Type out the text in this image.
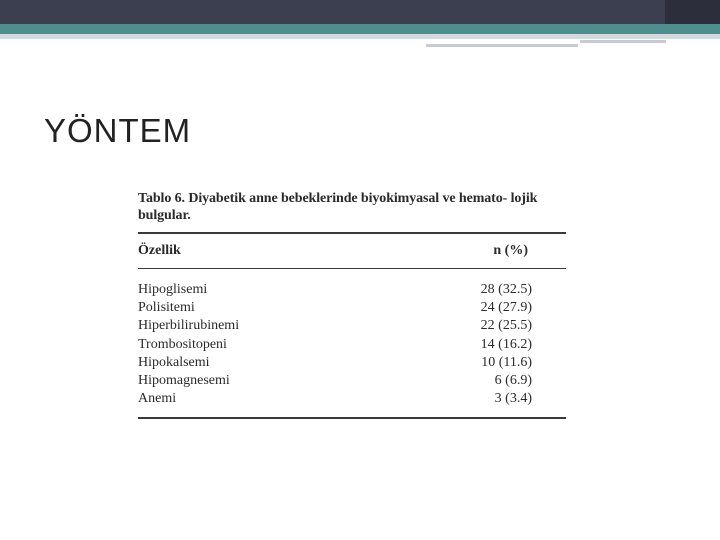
YÖNTEM

Tablo 6. Diyabetik anne bebeklerinde biyokimyasal ve hemato- lojik bulgular.

Özellik	n (%)
Hipoglisemi	28 (32.5)
Polisitemi	24 (27.9)
Hiperbilirubinemi	22 (25.5)
Trombositopeni	14 (16.2)
Hipokalsemi	10 (11.6)
Hipomagnesemi	6 (6.9)
Anemi	3 (3.4)
